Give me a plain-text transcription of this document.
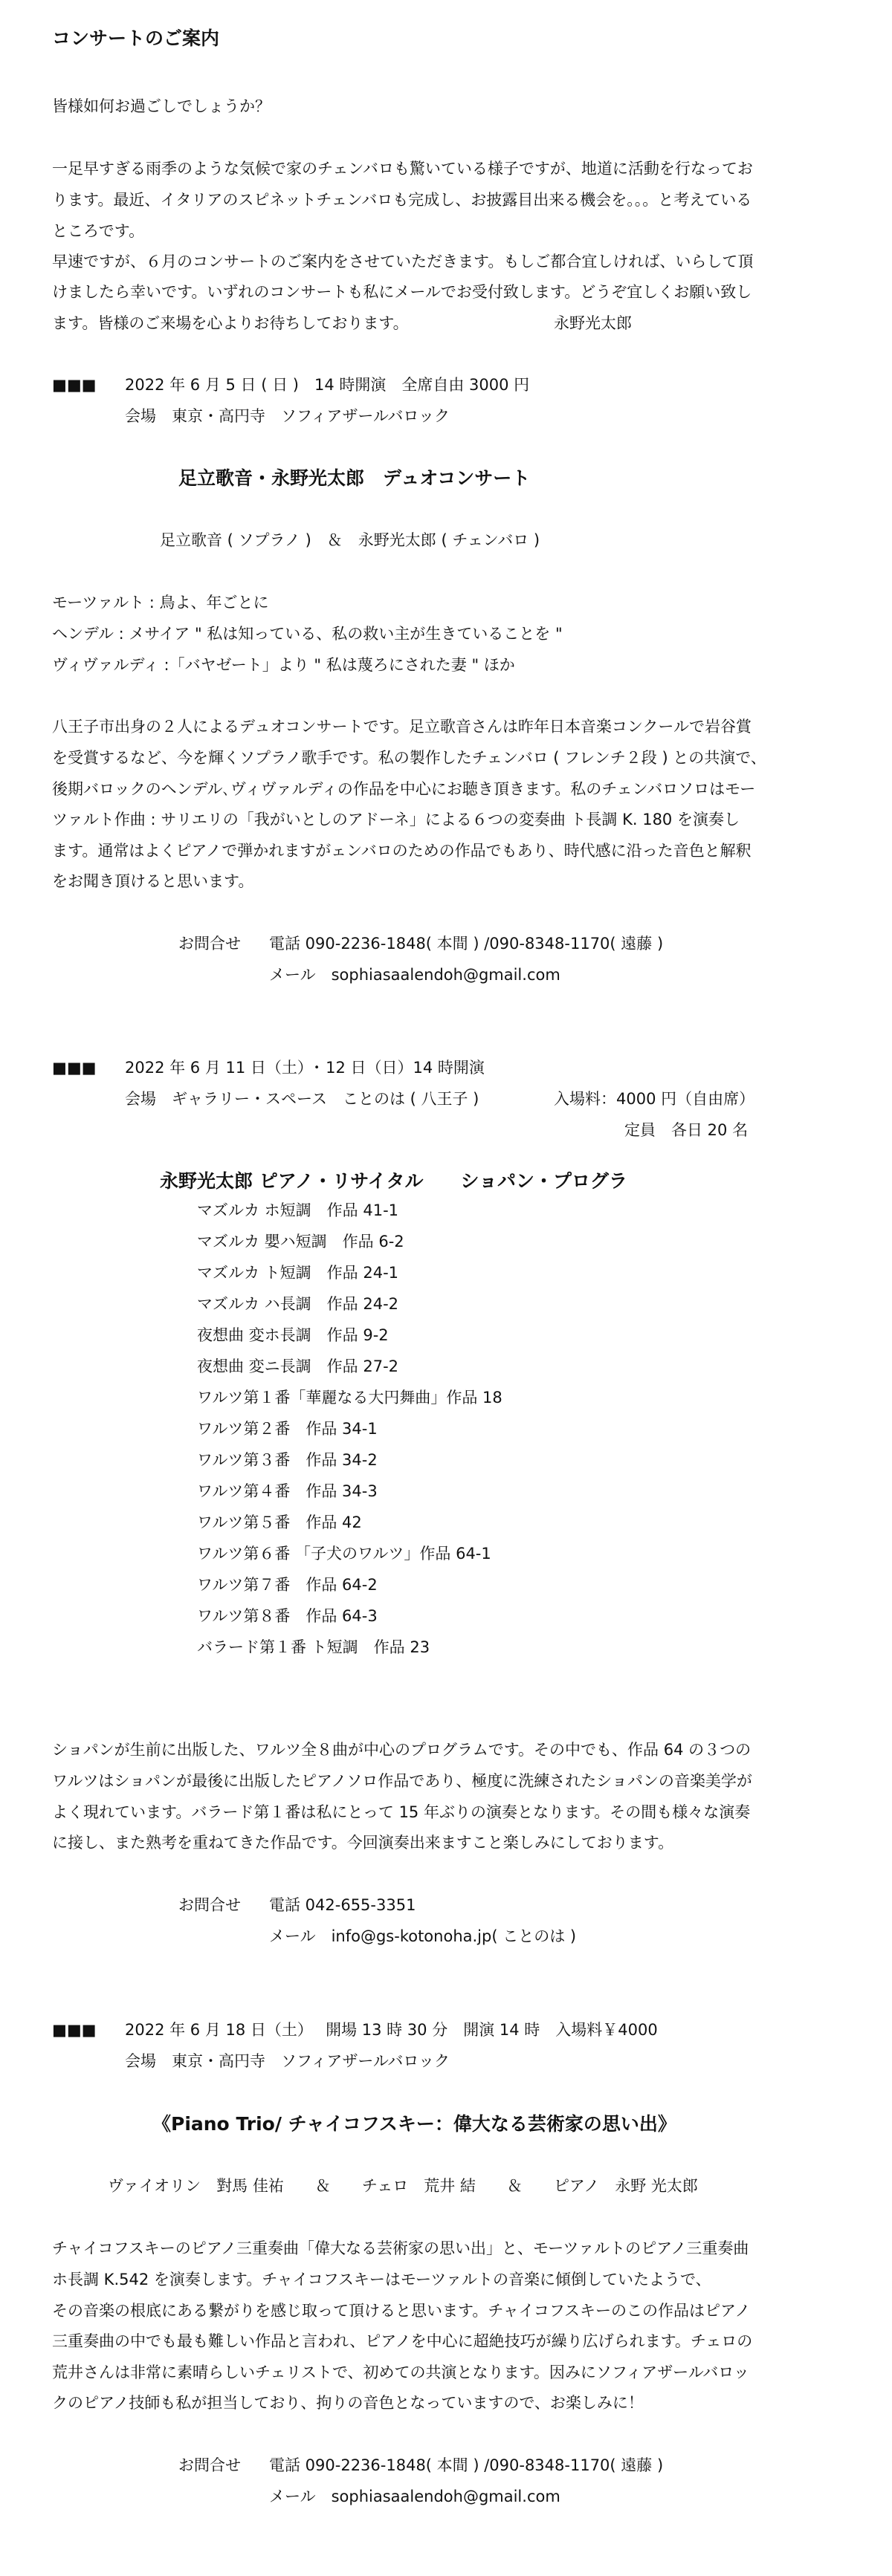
コンサートのご案内
皆様如何お過ごしでしょうか？
一足早すぎる雨季のような気候で家のチェンバロも驚いている様子ですが、地道に活動を行なってお
ります。最近、イタリアのスピネットチェンバロも完成し、お披露目出来る機会を。。。と考えている
ところです。
早速ですが、６月のコンサートのご案内をさせていただきます。もしご都合宜しければ、いらして頂
けましたら幸いです。いずれのコンサートも私にメールでお受付致します。どうぞ宜しくお願い致し
ます。皆様のご来場を心よりお待ちしております。	永野光太郎
■■■ 2022 年 6 月 5 日 ( 日 )　14 時開演　全席自由 3000 円
会場　東京・高円寺　ソフィアザールバロック
足立歌音・永野光太郎　デュオコンサート
足立歌音 ( ソプラノ )　＆　永野光太郎 ( チェンバロ )
モーツァルト : 鳥よ、年ごとに
ヘンデル : メサイア " 私は知っている、私の救い主が生きていることを "
ヴィヴァルディ :「バヤゼート」より " 私は蔑ろにされた妻 " ほか
八王子市出身の２人によるデュオコンサートです。足立歌音さんは昨年日本音楽コンクールで岩谷賞
を受賞するなど、今を輝くソプラノ歌手です。私の製作したチェンバロ ( フレンチ２段 ) との共演で、
後期バロックのヘンデル､ヴィヴァルディの作品を中心にお聴き頂きます。私のチェンバロソロはモー
ツァルト作曲 : サリエリの「我がいとしのアドーネ」による６つの変奏曲 ト長調 K. 180 を演奏し
ます。通常はよくピアノで弾かれますがェンバロのための作品でもあり、時代感に沿った音色と解釈
をお聞き頂けると思います。
お問合せ 電話 090-2236-1848( 本間 ) /090-8348-1170( 遠藤 )
メール　sophiasaalendoh@gmail.com
■■■ 2022 年 6 月 11 日（土）･ 12 日（日）14 時開演
会場　ギャラリー・スペース　ことのは ( 八王子 )	入場料：4000 円（自由席）
定員　各日 20 名
永野光太郎 ピアノ・リサイタル　　ショパン・プログラ
マズルカ ホ短調　作品 41-1
マズルカ 嬰ハ短調　作品 6-2
マズルカ ト短調　作品 24-1
マズルカ ハ長調　作品 24-2
夜想曲 変ホ長調　作品 9-2
夜想曲 変ニ長調　作品 27-2
ワルツ第１番「華麗なる大円舞曲」作品 18
ワルツ第２番　作品 34-1
ワルツ第３番　作品 34-2
ワルツ第４番　作品 34-3
ワルツ第５番　作品 42
ワルツ第６番 「子犬のワルツ」作品 64-1
ワルツ第７番　作品 64-2
ワルツ第８番　作品 64-3
バラード第１番 ト短調　作品 23
ショパンが生前に出版した、ワルツ全８曲が中心のプログラムです。その中でも、作品 64 の３つの
ワルツはショパンが最後に出版したピアノソロ作品であり、極度に洗練されたショパンの音楽美学が
よく現れています。バラード第１番は私にとって 15 年ぶりの演奏となります。その間も様々な演奏
に接し、また熟考を重ねてきた作品です。今回演奏出来ますこと楽しみにしております。
お問合せ 電話 042-655-3351
メール　info@gs-kotonoha.jp( ことのは )
■■■ 2022 年 6 月 18 日（土）　 開場 13 時 30 分　開演 14 時　入場料￥4000
会場　東京・高円寺　ソフィアザールバロック
《Piano Trio/ チャイコフスキー：偉大なる芸術家の思い出》
ヴァイオリン　對馬 佳祐　　＆　　チェロ　荒井 結　　＆　　ピアノ　永野 光太郎
チャイコフスキーのピアノ三重奏曲「偉大なる芸術家の思い出」と、モーツァルトのピアノ三重奏曲
ホ長調 K.542 を演奏します。チャイコフスキーはモーツァルトの音楽に傾倒していたようで、
その音楽の根底にある繋がりを感じ取って頂けると思います。チャイコフスキーのこの作品はピアノ
三重奏曲の中でも最も難しい作品と言われ、ピアノを中心に超絶技巧が繰り広げられます。チェロの
荒井さんは非常に素晴らしいチェリストで、初めての共演となります。因みにソフィアザールバロッ
クのピアノ技師も私が担当しており、拘りの音色となっていますので、お楽しみに！
お問合せ 電話 090-2236-1848( 本間 ) /090-8348-1170( 遠藤 )
メール　sophiasaalendoh@gmail.com
